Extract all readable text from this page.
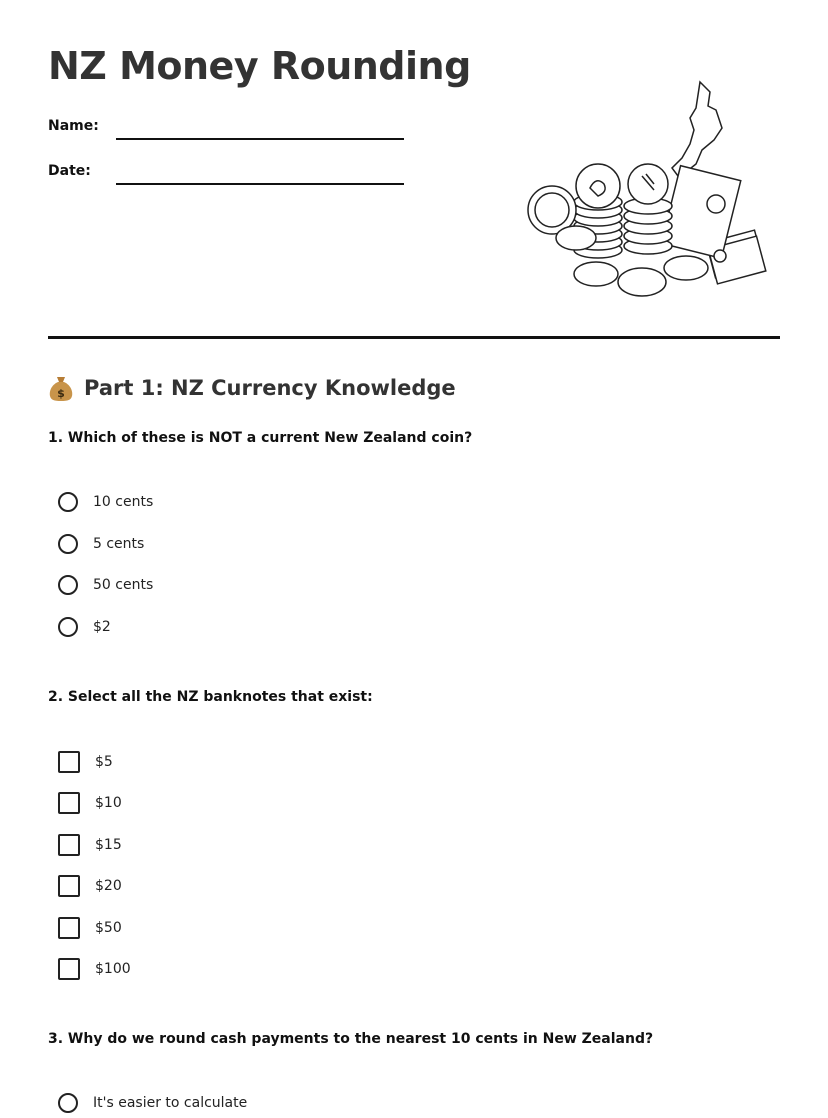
NZ Money Rounding
Name:
Date:
$ Part 1: NZ Currency Knowledge
1. Which of these is NOT a current New Zealand coin?
10 cents
5 cents
50 cents
$2
2. Select all the NZ banknotes that exist:
$5
$10
$15
$20
$50
$100
3. Why do we round cash payments to the nearest 10 cents in New Zealand?
It's easier to calculate
